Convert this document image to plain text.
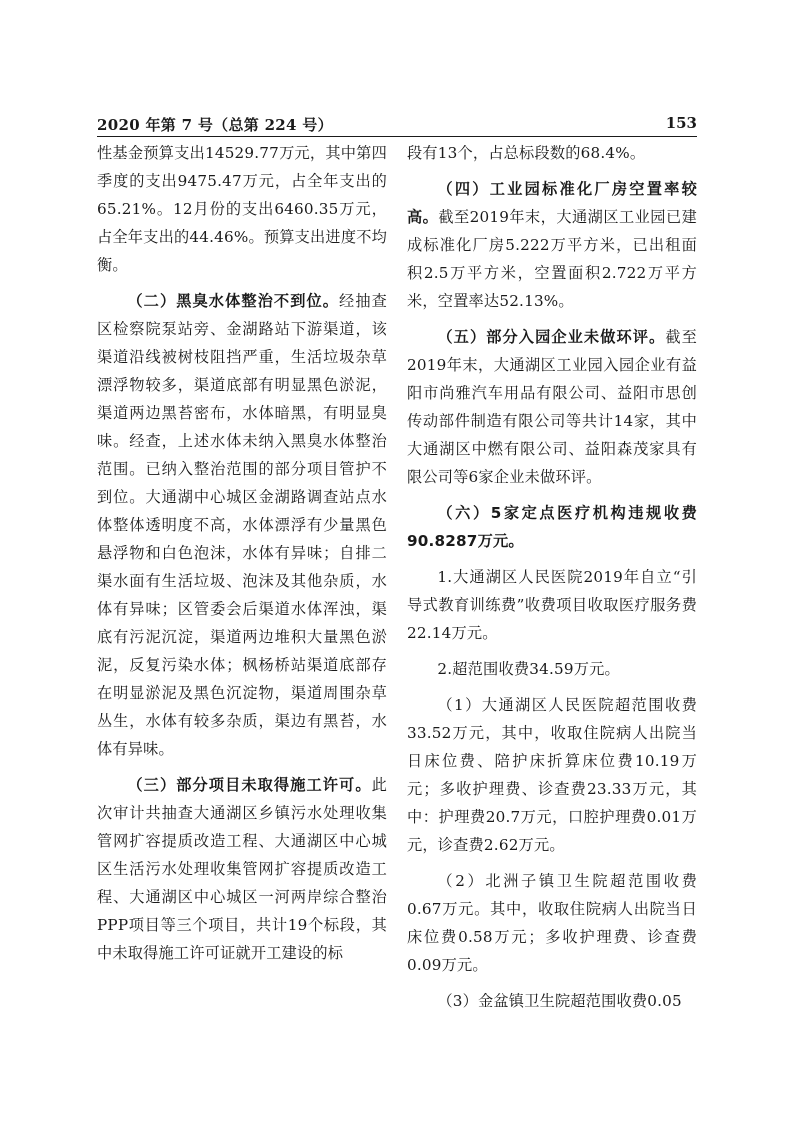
2020 年第 7 号（总第 224 号）	153

性基金预算支出14529.77万元，其中第四季度的支出9475.47万元，占全年支出的65.21%。12月份的支出6460.35万元，占全年支出的44.46%。预算支出进度不均衡。

（二）黑臭水体整治不到位。经抽查区检察院泵站旁、金湖路站下游渠道，该渠道沿线被树枝阻挡严重，生活垃圾杂草漂浮物较多，渠道底部有明显黑色淤泥，渠道两边黑苔密布，水体暗黑，有明显臭味。经查，上述水体未纳入黑臭水体整治范围。已纳入整治范围的部分项目管护不到位。大通湖中心城区金湖路调查站点水体整体透明度不高，水体漂浮有少量黑色悬浮物和白色泡沫，水体有异味；自排二渠水面有生活垃圾、泡沫及其他杂质，水体有异味；区管委会后渠道水体浑浊，渠底有污泥沉淀，渠道两边堆积大量黑色淤泥，反复污染水体；枫杨桥站渠道底部存在明显淤泥及黑色沉淀物，渠道周围杂草丛生，水体有较多杂质，渠边有黑苔，水体有异味。

（三）部分项目未取得施工许可。此次审计共抽查大通湖区乡镇污水处理收集管网扩容提质改造工程、大通湖区中心城区生活污水处理收集管网扩容提质改造工程、大通湖区中心城区一河两岸综合整治PPP项目等三个项目，共计19个标段，其中未取得施工许可证就开工建设的标

段有13个，占总标段数的68.4%。

（四）工业园标准化厂房空置率较高。截至2019年末，大通湖区工业园已建成标准化厂房5.222万平方米，已出租面积2.5万平方米，空置面积2.722万平方米，空置率达52.13%。

（五）部分入园企业未做环评。截至2019年末，大通湖区工业园入园企业有益阳市尚雅汽车用品有限公司、益阳市思创传动部件制造有限公司等共计14家，其中大通湖区中燃有限公司、益阳森茂家具有限公司等6家企业未做环评。

（六）5家定点医疗机构违规收费90.8287万元。

1.大通湖区人民医院2019年自立“引导式教育训练费”收费项目收取医疗服务费22.14万元。

2.超范围收费34.59万元。

（1）大通湖区人民医院超范围收费33.52万元，其中，收取住院病人出院当日床位费、陪护床折算床位费10.19万元；多收护理费、诊查费23.33万元，其中：护理费20.7万元，口腔护理费0.01万元，诊查费2.62万元。

（2）北洲子镇卫生院超范围收费0.67万元。其中，收取住院病人出院当日床位费0.58万元；多收护理费、诊查费0.09万元。

（3）金盆镇卫生院超范围收费0.05
